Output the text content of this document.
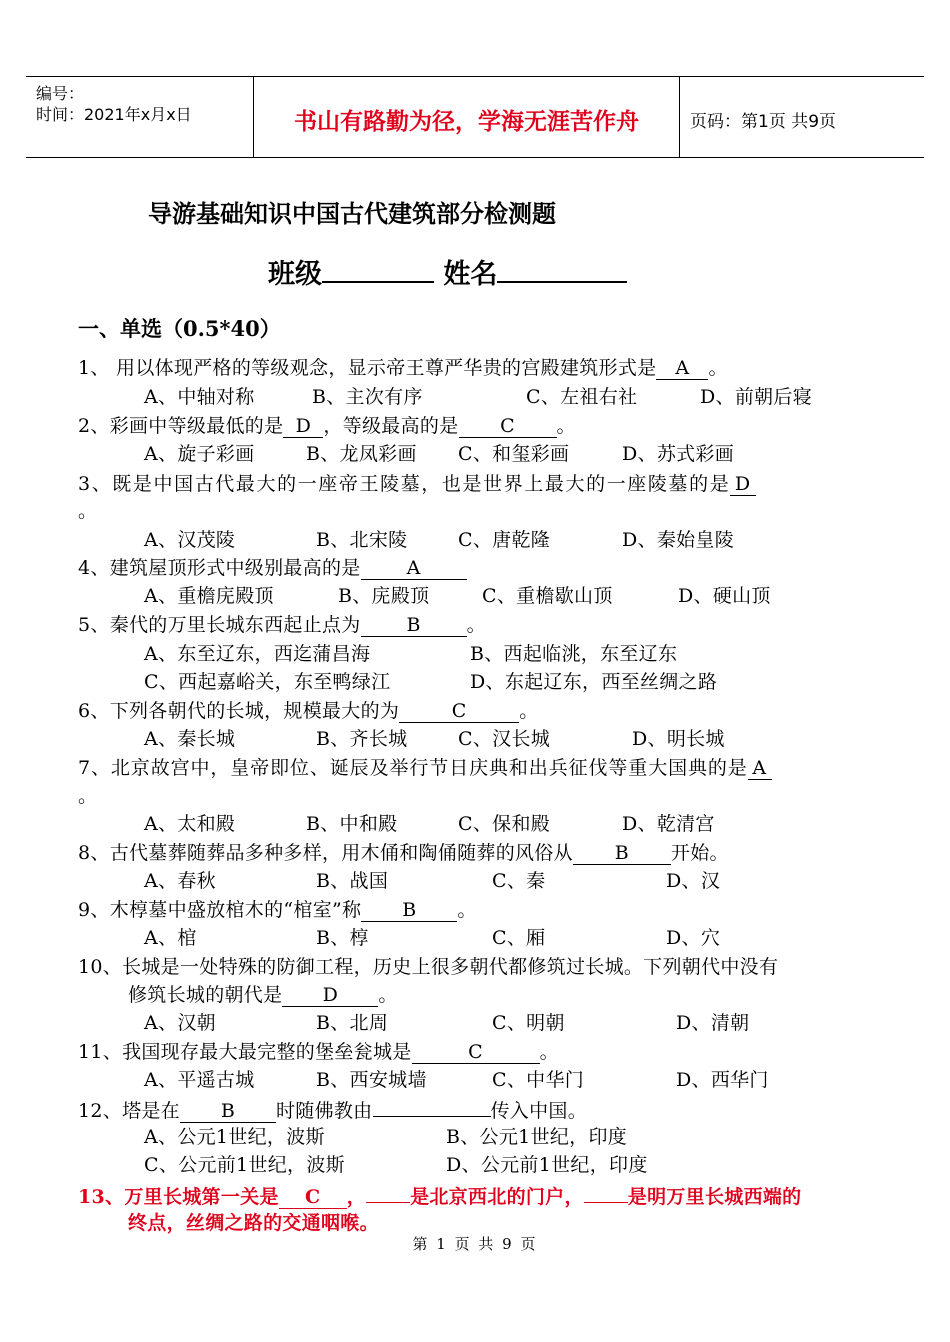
编号：
时间：2021年x月x日	书山有路勤为径，学海无涯苦作舟	页码：第1页 共9页
导游基础知识中国古代建筑部分检测题
班级	姓名
一、单选（0.5*40）
1、 用以体现严格的等级观念，显示帝王尊严华贵的宫殿建筑形式是 A 。
A、中轴对称	B、主次有序	C、左祖右社	D、前朝后寝
2、彩画中等级最低的是 D ，等级最高的是 C 。
A、旋子彩画	B、龙凤彩画 C、和玺彩画	D、苏式彩画
3、既是中国古代最大的一座帝王陵墓，也是世界上最大的一座陵墓的是 D
。
A、汉茂陵	B、北宋陵	C、唐乾隆	D、秦始皇陵
4、建筑屋顶形式中级别最高的是 A
A、重檐庑殿顶	B、庑殿顶	C、重檐歇山顶	D、硬山顶
5、秦代的万里长城东西起止点为 B 。
A、东至辽东，西迄蒲昌海	B、西起临洮，东至辽东
C、西起嘉峪关，东至鸭绿江	D、东起辽东，西至丝绸之路
6、下列各朝代的长城，规模最大的为	C	。
A、秦长城	B、齐长城	C、汉长城	D、明长城
7、北京故宫中，皇帝即位、诞辰及举行节日庆典和出兵征伐等重大国典的是 A
。
A、太和殿	B、中和殿	C、保和殿	D、乾清宫
8、古代墓葬随葬品多种多样，用木俑和陶俑随葬的风俗从 B 开始。
A、春秋	B、战国	C、秦	D、汉
9、木椁墓中盛放棺木的“棺室”称 B 。
A、棺	B、椁	C、厢	D、穴
10、长城是一处特殊的防御工程，历史上很多朝代都修筑过长城。下列朝代中没有
修筑长城的朝代是 D 。
A、汉朝	B、北周	C、明朝	D、清朝
11、我国现存最大最完整的堡垒瓮城是	C	。
A、平遥古城	B、西安城墙	C、中华门	D、西华门
12、塔是在 B 时随佛教由	传入中国。
A、公元1世纪，波斯	B、公元1世纪，印度
C、公元前1世纪，波斯	D、公元前1世纪，印度
13、万里长城第一关是 C ， 是北京西北的门户， 是明万里长城西端的
终点，丝绸之路的交通咽喉。
第 1 页 共 9 页
